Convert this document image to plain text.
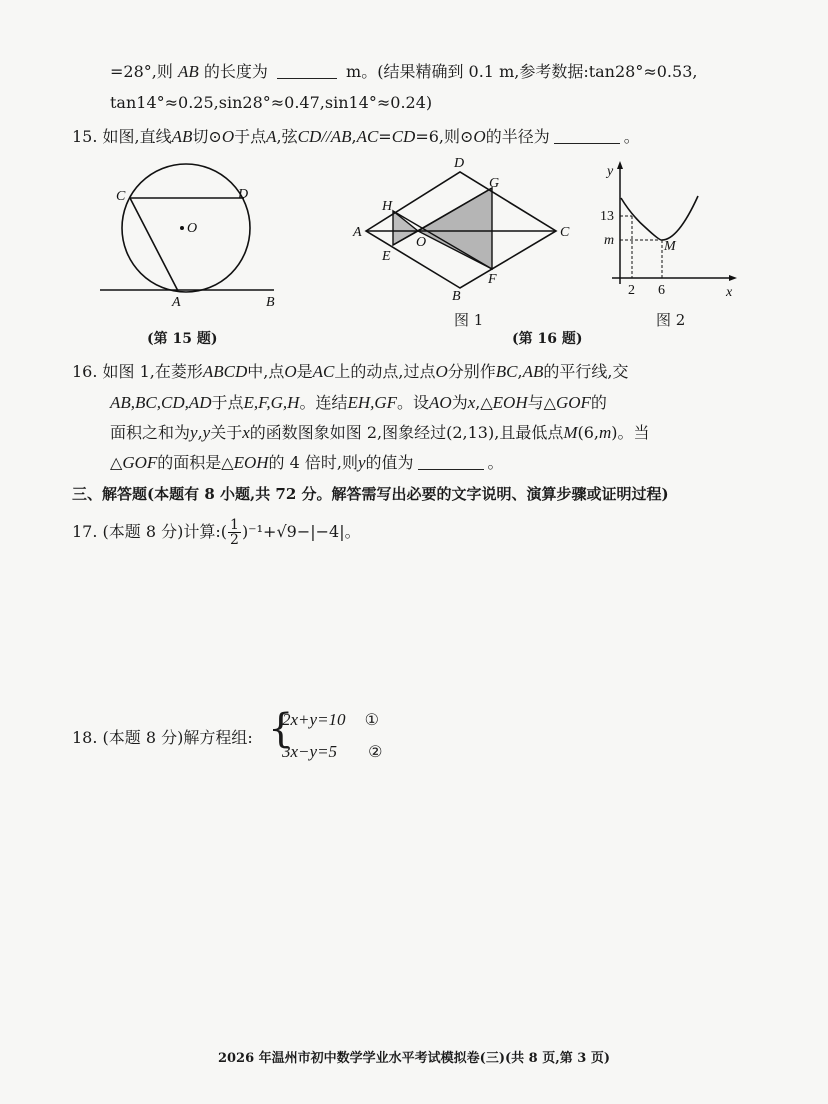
=28°,则 AB 的长度为	m。(结果精确到 0.1 m,参考数据:tan28°≈0.53,
tan14°≈0.25,sin28°≈0.47,sin14°≈0.24)
15. 如图,直线AB切⊙O于点A,弦CD//AB,AC=CD=6,则⊙O的半径为	。
C	D
O
A	B
(第 15 题)
D
G
H
A
O
C
E
F
B
图 1
(第 16 题)
y
x
13
m	M
2 6
图 2
16. 如图 1,在菱形ABCD中,点O是AC上的动点,过点O分别作BC,AB的平行线,交
AB,BC,CD,AD于点E,F,G,H。连结EH,GF。设AO为x,△EOH与△GOF的
面积之和为y,y关于x的函数图象如图 2,图象经过(2,13),且最低点M(6,m)。当
△GOF的面积是△EOH的 4 倍时,则y的值为	。
三、解答题(本题有 8 小题,共 72 分。解答需写出必要的文字说明、演算步骤或证明过程)
17. (本题 8 分)计算:( $\frac{1}{2} )^{-1}+√9-|-4|$。
18. (本题 8 分)解方程组: {
2x+y=10 ①
3x−y=5 ②
2026 年温州市初中数学学业水平考试模拟卷(三)(共 8 页,第 3 页)
